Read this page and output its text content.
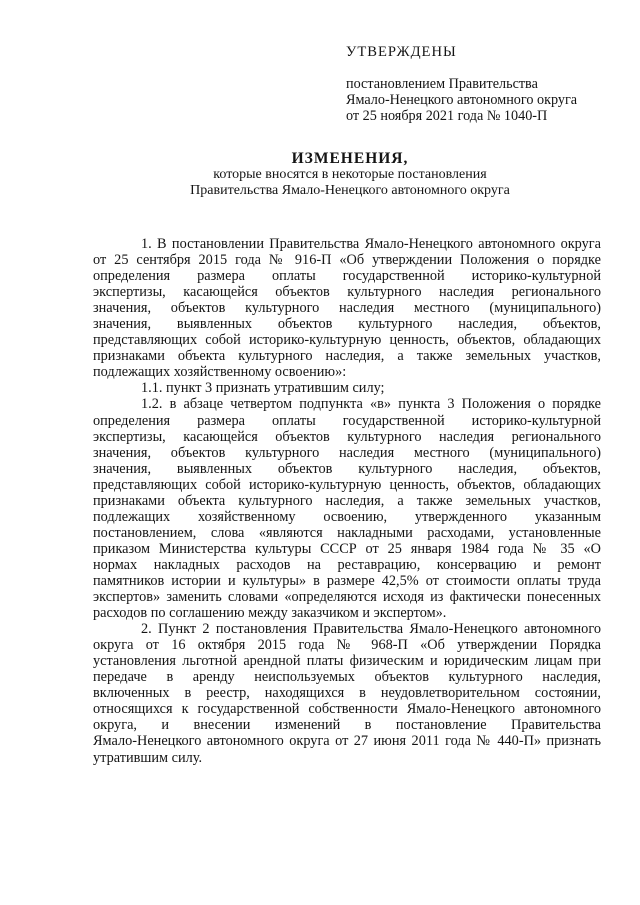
УТВЕРЖДЕНЫ
постановлением Правительства
Ямало-Ненецкого автономного округа
от 25 ноября 2021 года № 1040-П
ИЗМЕНЕНИЯ,
которые вносятся в некоторые постановления
Правительства Ямало-Ненецкого автономного округа
1. В постановлении Правительства Ямало-Ненецкого автономного округа
от 25 сентября 2015 года № 916-П «Об утверждении Положения о порядке
определения размера оплаты государственной историко-культурной
экспертизы, касающейся объектов культурного наследия регионального
значения, объектов культурного наследия местного (муниципального)
значения, выявленных объектов культурного наследия, объектов,
представляющих собой историко-культурную ценность, объектов, обладающих
признаками объекта культурного наследия, а также земельных участков,
подлежащих хозяйственному освоению»:
1.1. пункт 3 признать утратившим силу;
1.2. в абзаце четвертом подпункта «в» пункта 3 Положения о порядке
определения размера оплаты государственной историко-культурной
экспертизы, касающейся объектов культурного наследия регионального
значения, объектов культурного наследия местного (муниципального)
значения, выявленных объектов культурного наследия, объектов,
представляющих собой историко-культурную ценность, объектов, обладающих
признаками объекта культурного наследия, а также земельных участков,
подлежащих хозяйственному освоению, утвержденного указанным
постановлением, слова «являются накладными расходами, установленные
приказом Министерства культуры СССР от 25 января 1984 года № 35 «О
нормах накладных расходов на реставрацию, консервацию и ремонт
памятников истории и культуры» в размере 42,5% от стоимости оплаты труда
экспертов» заменить словами «определяются исходя из фактически понесенных
расходов по соглашению между заказчиком и экспертом».
2. Пункт 2 постановления Правительства Ямало-Ненецкого автономного
округа от 16 октября 2015 года № 968-П «Об утверждении Порядка
установления льготной арендной платы физическим и юридическим лицам при
передаче в аренду неиспользуемых объектов культурного наследия,
включенных в реестр, находящихся в неудовлетворительном состоянии,
относящихся к государственной собственности Ямало-Ненецкого автономного
округа, и внесении изменений в постановление Правительства
Ямало-Ненецкого автономного округа от 27 июня 2011 года № 440-П» признать
утратившим силу.
